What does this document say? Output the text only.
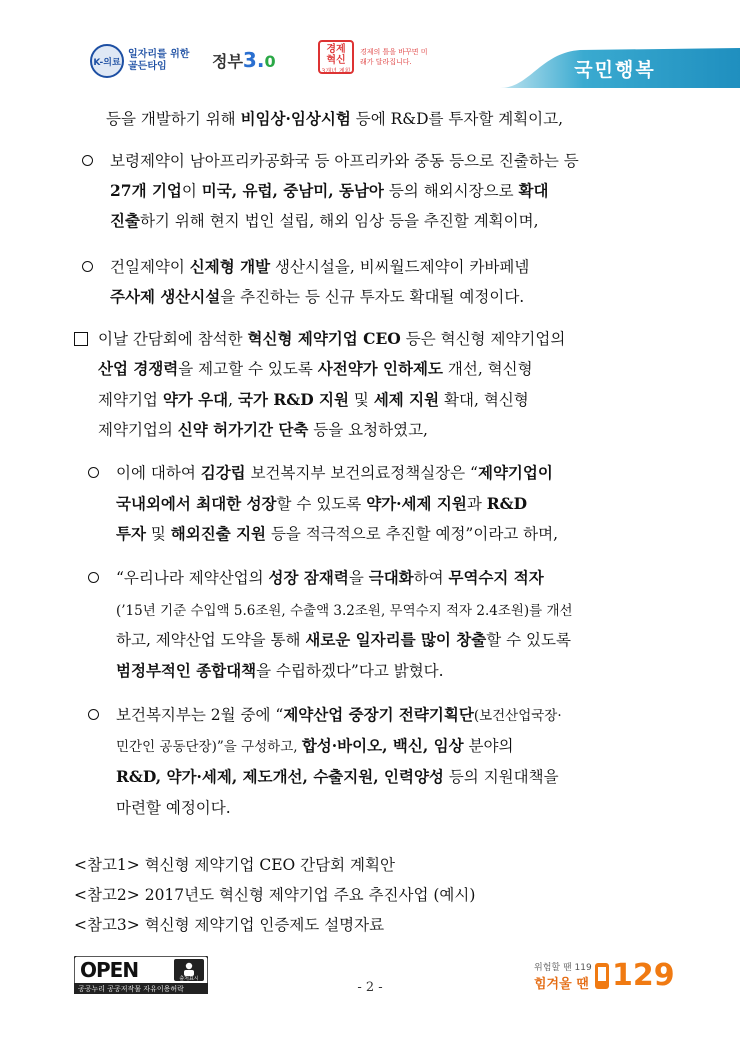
K-의료
일자리를 위한 골든타임	정부3.0
경제 혁신
3개년 계획
경제의 틀을 바꾸면 미래가 달라집니다.	국민행복
등을 개발하기 위해 비임상·임상시험 등에 R&D를 투자할 계획이고,
보령제약이 남아프리카공화국 등 아프리카와 중동 등으로 진출하는 등
27개 기업이 미국, 유럽, 중남미, 동남아 등의 해외시장으로 확대
진출하기 위해 현지 법인 설립, 해외 임상 등을 추진할 계획이며,
건일제약이 신제형 개발 생산시설을, 비씨월드제약이 카바페넴
주사제 생산시설을 추진하는 등 신규 투자도 확대될 예정이다.
이날 간담회에 참석한 혁신형 제약기업 CEO 등은 혁신형 제약기업의
산업 경쟁력을 제고할 수 있도록 사전약가 인하제도 개선, 혁신형
제약기업 약가 우대, 국가 R&D 지원 및 세제 지원 확대, 혁신형
제약기업의 신약 허가기간 단축 등을 요청하였고,
이에 대하여 김강립 보건복지부 보건의료정책실장은 “제약기업이
국내외에서 최대한 성장할 수 있도록 약가·세제 지원과 R&D
투자 및 해외진출 지원 등을 적극적으로 추진할 예정”이라고 하며,
“우리나라 제약산업의 성장 잠재력을 극대화하여 무역수지 적자
(’15년 기준 수입액 5.6조원, 수출액 3.2조원, 무역수지 적자 2.4조원)를 개선
하고, 제약산업 도약을 통해 새로운 일자리를 많이 창출할 수 있도록
범정부적인 종합대책을 수립하겠다”다고 밝혔다.
보건복지부는 2월 중에 “제약산업 중장기 전략기획단(보건산업국장·
민간인 공동단장)”을 구성하고, 합성·바이오, 백신, 임상 분야의
R&D, 약가·세제, 제도개선, 수출지원, 인력양성 등의 지원대책을
마련할 예정이다.
<참고1> 혁신형 제약기업 CEO 간담회 계획안
<참고2> 2017년도 혁신형 제약기업 주요 추진사업 (예시)
<참고3> 혁신형 제약기업 인증제도 설명자료
OPEN	출처표시
공공누리 공공저작물 자유이용허락	- 2 -
위험할 땐 119
힘겨울 땐 129
